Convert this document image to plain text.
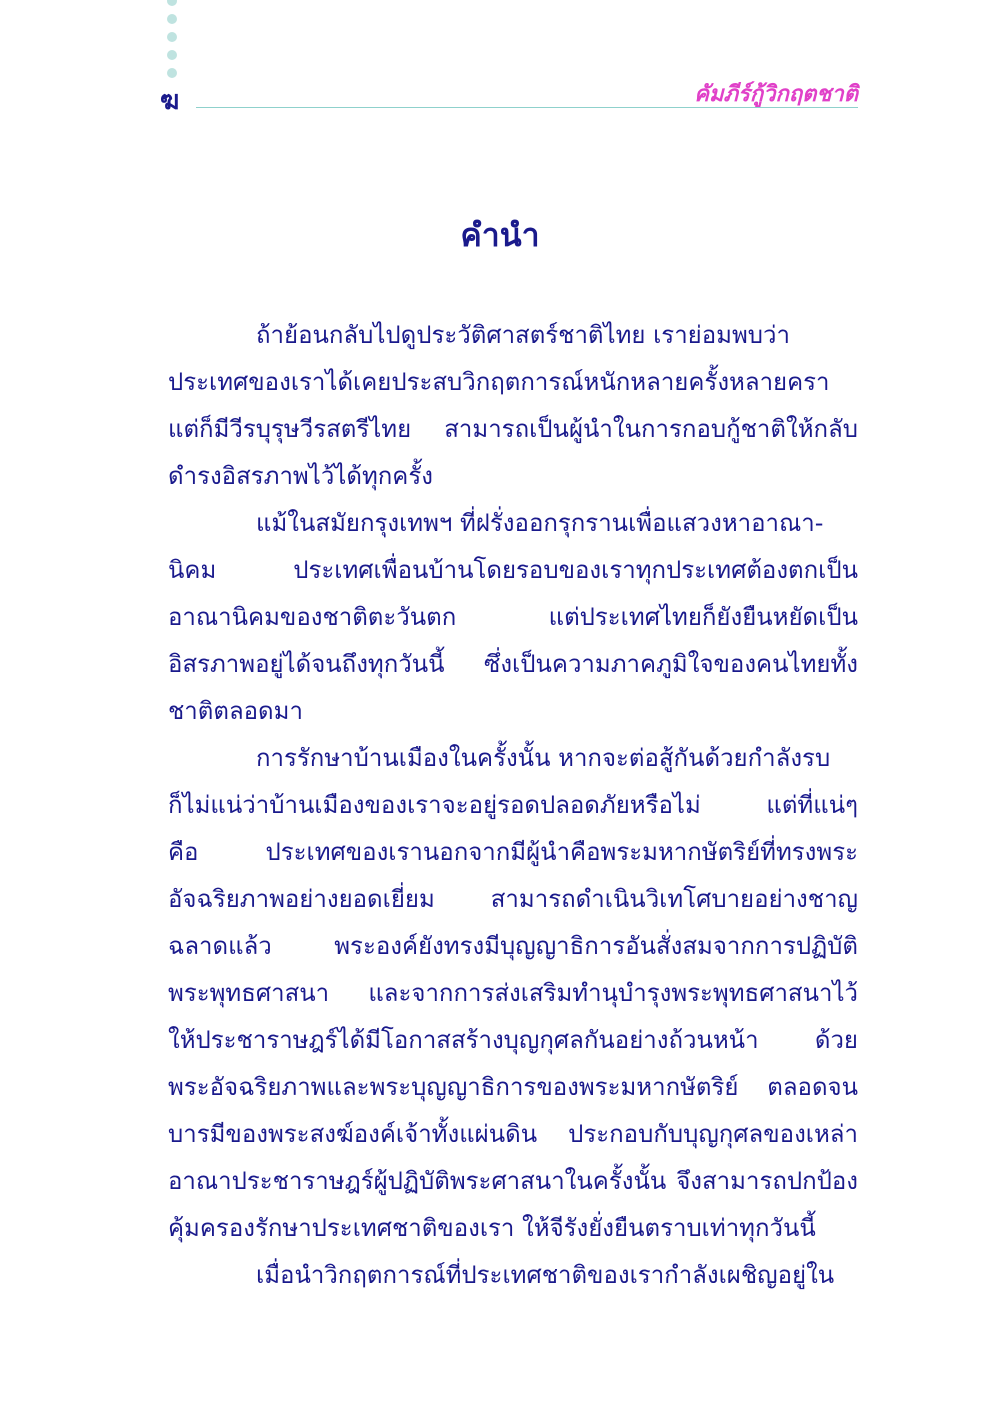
ฆ	คัมภีร์กู้วิกฤตชาติ
คำนำ
ถ้าย้อนกลับไปดูประวัติศาสตร์ชาติไทย เราย่อมพบว่า
ประเทศของเราได้เคยประสบวิกฤตการณ์หนักหลายครั้งหลายครา
แต่ก็มีวีรบุรุษวีรสตรีไทย สามารถเป็นผู้นำในการกอบกู้ชาติให้กลับ
ดำรงอิสรภาพไว้ได้ทุกครั้ง
แม้ในสมัยกรุงเทพฯ ที่ฝรั่งออกรุกรานเพื่อแสวงหาอาณา-
นิคม ประเทศเพื่อนบ้านโดยรอบของเราทุกประเทศต้องตกเป็น
อาณานิคมของชาติตะวันตก แต่ประเทศไทยก็ยังยืนหยัดเป็น
อิสรภาพอยู่ได้จนถึงทุกวันนี้ ซึ่งเป็นความภาคภูมิใจของคนไทยทั้ง
ชาติตลอดมา
การรักษาบ้านเมืองในครั้งนั้น หากจะต่อสู้กันด้วยกำลังรบ
ก็ไม่แน่ว่าบ้านเมืองของเราจะอยู่รอดปลอดภัยหรือไม่ แต่ที่แน่ๆ
คือ ประเทศของเรานอกจากมีผู้นำคือพระมหากษัตริย์ที่ทรงพระ
อัจฉริยภาพอย่างยอดเยี่ยม สามารถดำเนินวิเทโศบายอย่างชาญ
ฉลาดแล้ว พระองค์ยังทรงมีบุญญาธิการอันสั่งสมจากการปฏิบัติ
พระพุทธศาสนา และจากการส่งเสริมทำนุบำรุงพระพุทธศาสนาไว้
ให้ประชาราษฎร์ได้มีโอกาสสร้างบุญกุศลกันอย่างถ้วนหน้า ด้วย
พระอัจฉริยภาพและพระบุญญาธิการของพระมหากษัตริย์ ตลอดจน
บารมีของพระสงฆ์องค์เจ้าทั้งแผ่นดิน ประกอบกับบุญกุศลของเหล่า
อาณาประชาราษฎร์ผู้ปฏิบัติพระศาสนาในครั้งนั้น จึงสามารถปกป้อง
คุ้มครองรักษาประเทศชาติของเรา ให้จีรังยั่งยืนตราบเท่าทุกวันนี้
เมื่อนำวิกฤตการณ์ที่ประเทศชาติของเรากำลังเผชิญอยู่ใน
